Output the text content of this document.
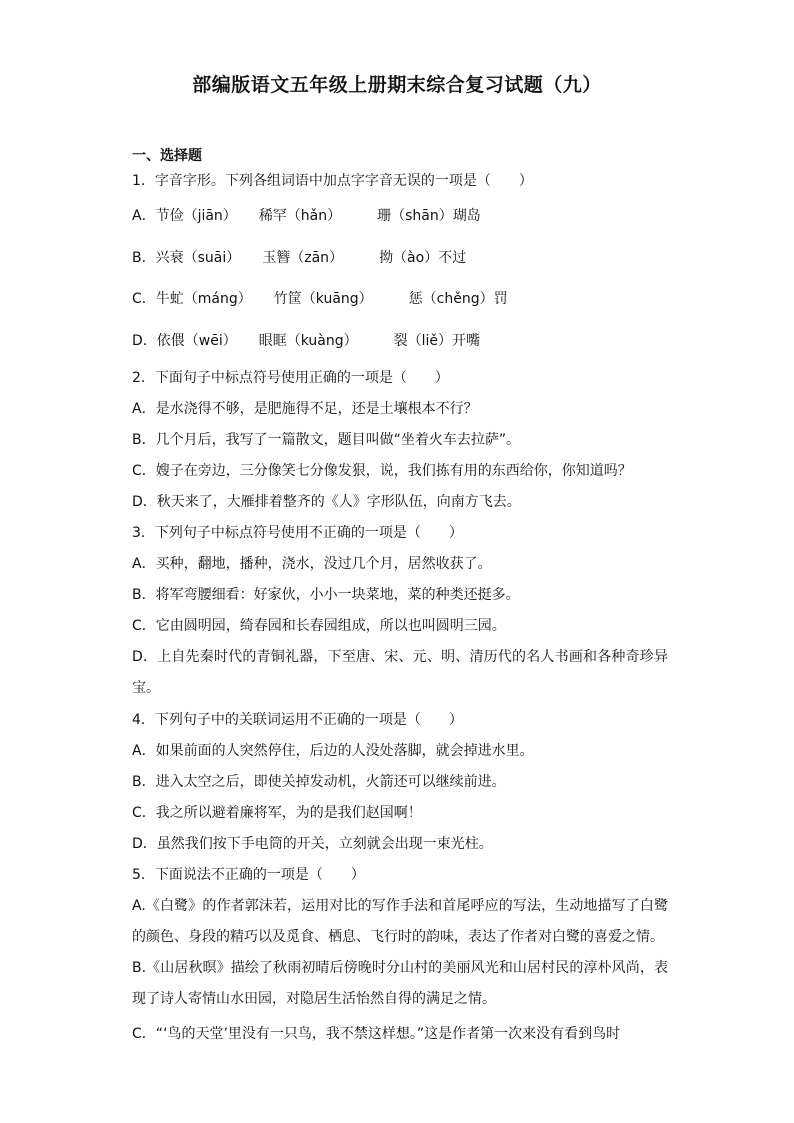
部编版语文五年级上册期末综合复习试题（九）
一、选择题
1．字音字形。下列各组词语中加点字字音无误的一项是（　　）
A．节俭（jiān） 稀罕（hǎn）	珊（shān）瑚岛
B．兴衰（suāi） 玉簪（zān）	拗（ào）不过
C．牛虻（máng） 竹筐（kuāng）	惩（chěng）罚
D．依偎（wēi） 眼眶（kuàng）	裂（liě）开嘴
2．下面句子中标点符号使用正确的一项是（　　）
A．是水浇得不够，是肥施得不足，还是土壤根本不行？
B．几个月后，我写了一篇散文，题目叫做“坐着火车去拉萨”。
C．嫂子在旁边，三分像笑七分像发狠，说，我们拣有用的东西给你，你知道吗？
D．秋天来了，大雁排着整齐的《人》字形队伍，向南方飞去。
3．下列句子中标点符号使用不正确的一项是（　　）
A．买种，翻地，播种，浇水，没过几个月，居然收获了。
B．将军弯腰细看：好家伙，小小一块菜地，菜的种类还挺多。
C．它由圆明园，绮春园和长春园组成，所以也叫圆明三园。
D．上自先秦时代的青铜礼器，下至唐、宋、元、明、清历代的名人书画和各种奇珍异宝。
4．下列句子中的关联词运用不正确的一项是（　　）
A．如果前面的人突然停住，后边的人没处落脚，就会掉进水里。
B．进入太空之后，即使关掉发动机，火箭还可以继续前进。
C．我之所以避着廉将军，为的是我们赵国啊！
D．虽然我们按下手电筒的开关，立刻就会出现一束光柱。
5．下面说法不正确的一项是（　　）
A.《白鹭》的作者郭沫若，运用对比的写作手法和首尾呼应的写法，生动地描写了白鹭的颜色、身段的精巧以及觅食、栖息、飞行时的韵味，表达了作者对白鹭的喜爱之情。
B.《山居秋暝》描绘了秋雨初晴后傍晚时分山村的美丽风光和山居村民的淳朴风尚，表现了诗人寄情山水田园，对隐居生活怡然自得的满足之情。
C．“‘鸟的天堂’里没有一只鸟，我不禁这样想。”这是作者第一次来没有看到鸟时
